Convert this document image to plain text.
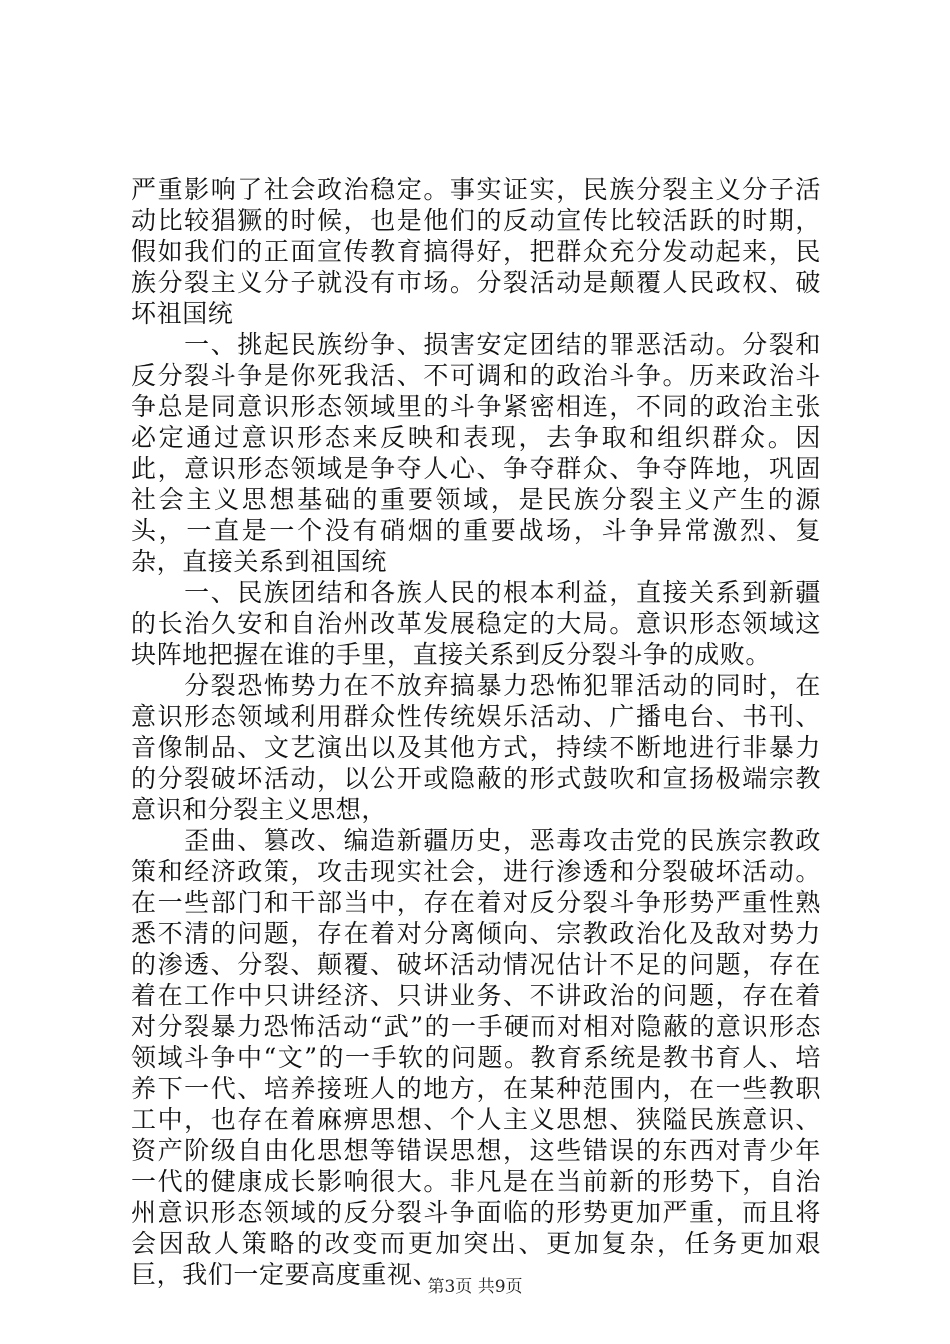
严重影响了社会政治稳定。事实证实，民族分裂主义分子活动比较猖獗的时候，也是他们的反动宣传比较活跃的时期，假如我们的正面宣传教育搞得好，把群众充分发动起来，民族分裂主义分子就没有市场。分裂活动是颠覆人民政权、破坏祖国统

　　一、挑起民族纷争、损害安定团结的罪恶活动。分裂和反分裂斗争是你死我活、不可调和的政治斗争。历来政治斗争总是同意识形态领域里的斗争紧密相连，不同的政治主张必定通过意识形态来反映和表现，去争取和组织群众。因此，意识形态领域是争夺人心、争夺群众、争夺阵地，巩固社会主义思想基础的重要领域，是民族分裂主义产生的源头，一直是一个没有硝烟的重要战场，斗争异常激烈、复杂，直接关系到祖国统

　　一、民族团结和各族人民的根本利益，直接关系到新疆的长治久安和自治州改革发展稳定的大局。意识形态领域这块阵地把握在谁的手里，直接关系到反分裂斗争的成败。

　　分裂恐怖势力在不放弃搞暴力恐怖犯罪活动的同时，在意识形态领域利用群众性传统娱乐活动、广播电台、书刊、音像制品、文艺演出以及其他方式，持续不断地进行非暴力的分裂破坏活动，以公开或隐蔽的形式鼓吹和宣扬极端宗教意识和分裂主义思想，

　　歪曲、篡改、编造新疆历史，恶毒攻击党的民族宗教政策和经济政策，攻击现实社会，进行渗透和分裂破坏活动。在一些部门和干部当中，存在着对反分裂斗争形势严重性熟悉不清的问题，存在着对分离倾向、宗教政治化及敌对势力的渗透、分裂、颠覆、破坏活动情况估计不足的问题，存在着在工作中只讲经济、只讲业务、不讲政治的问题，存在着对分裂暴力恐怖活动“武”的一手硬而对相对隐蔽的意识形态领域斗争中“文”的一手软的问题。教育系统是教书育人、培养下一代、培养接班人的地方，在某种范围内，在一些教职工中，也存在着麻痹思想、个人主义思想、狭隘民族意识、资产阶级自由化思想等错误思想，这些错误的东西对青少年一代的健康成长影响很大。非凡是在当前新的形势下，自治州意识形态领域的反分裂斗争面临的形势更加严重，而且将会因敌人策略的改变而更加突出、更加复杂，任务更加艰巨，我们一定要高度重视、

第3页 共9页
